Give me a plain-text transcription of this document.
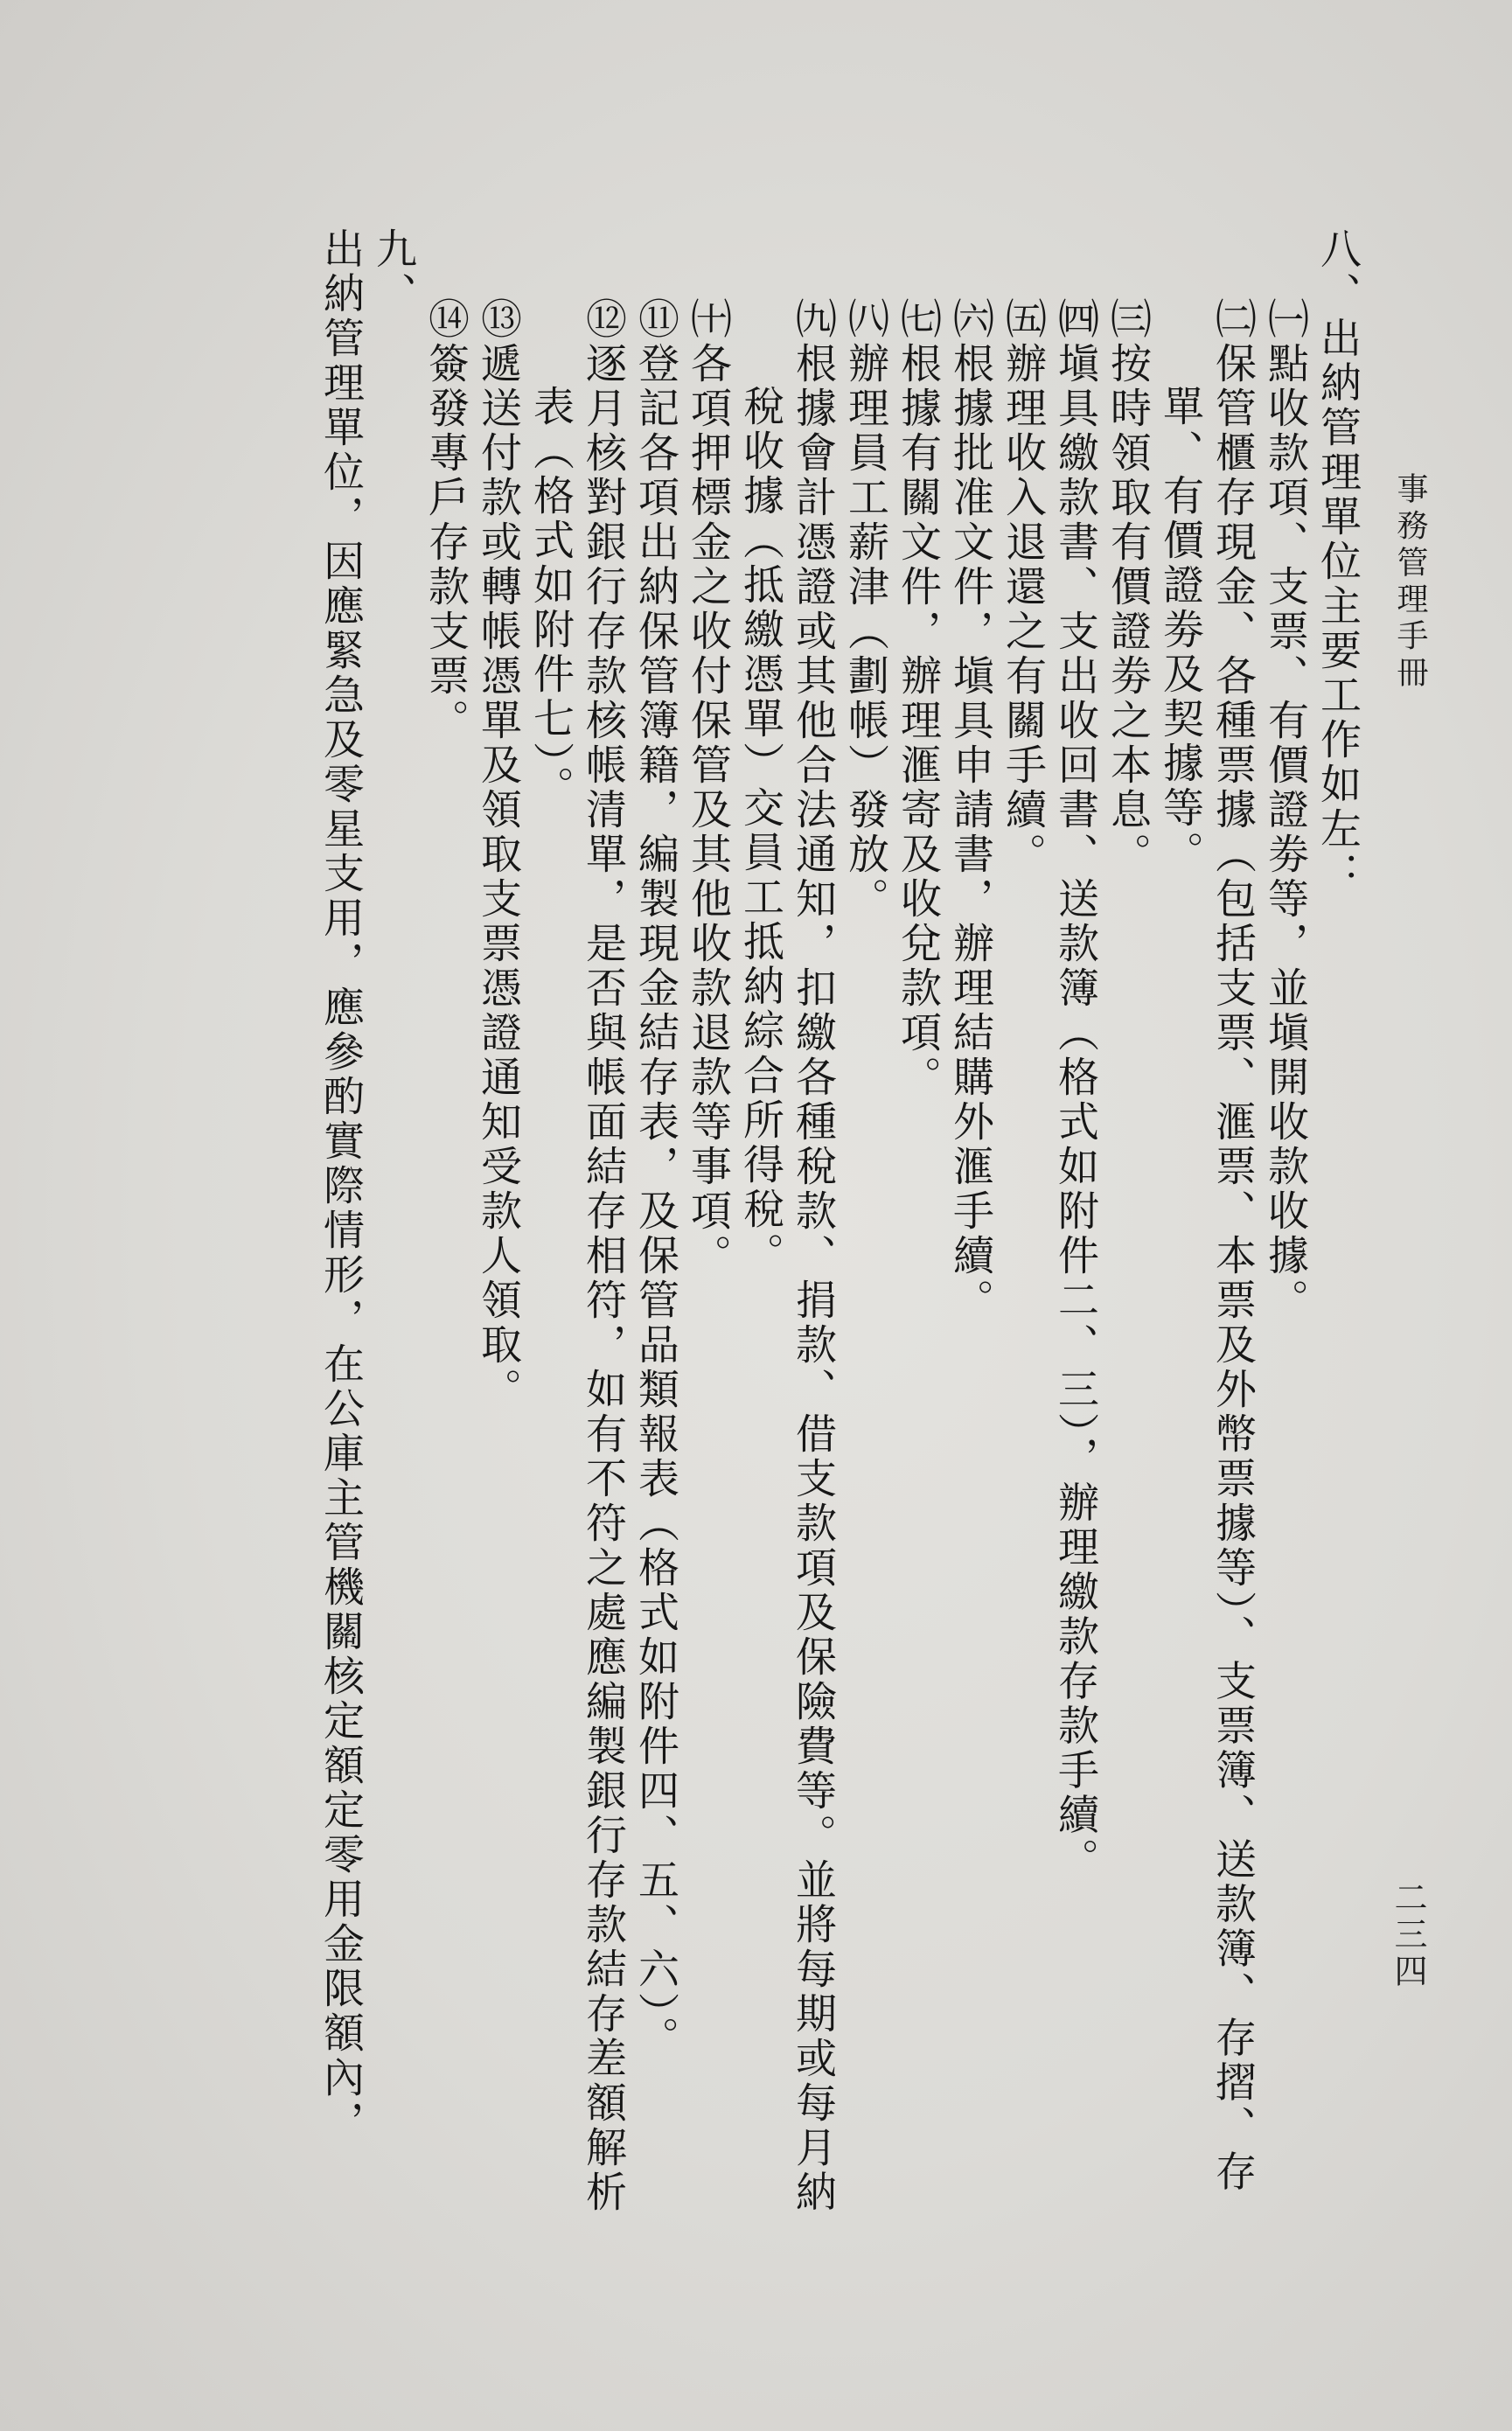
事務管理手冊
二三四

八、出納管理單位主要工作如左：

㈠點收款項、支票、有價證劵等，並塡開收款收據。

㈡保管櫃存現金、各種票據（包括支票、滙票、本票及外幣票據等）、支票簿、送款簿、存摺、存

單、有價證劵及契據等。

㈢按時領取有價證劵之本息。

㈣塡具繳款書、支出收回書、送款簿（格式如附件二、三），辦理繳款存款手續。

㈤辦理收入退還之有關手續。

㈥根據批准文件，塡具申請書，辦理結購外滙手續。

㈦根據有關文件，辦理滙寄及收兌款項。

㈧辦理員工薪津（劃帳）發放。

㈨根據會計憑證或其他合法通知，扣繳各種稅款、捐款、借支款項及保險費等。並將每期或每月納

稅收據（抵繳憑單）交員工抵納綜合所得稅。

㈩各項押標金之收付保管及其他收款退款等事項。

⑪登記各項出納保管簿籍，編製現金結存表，及保管品類報表（格式如附件四、五、六）。

⑫逐月核對銀行存款核帳清單，是否與帳面結存相符，如有不符之處應編製銀行存款結存差額解析

表（格式如附件七）。

⑬遞送付款或轉帳憑單及領取支票憑證通知受款人領取。

⑭簽發專戶存款支票。

九、

出納管理單位，因應緊急及零星支用，應參酌實際情形，在公庫主管機關核定額定零用金限額內，
